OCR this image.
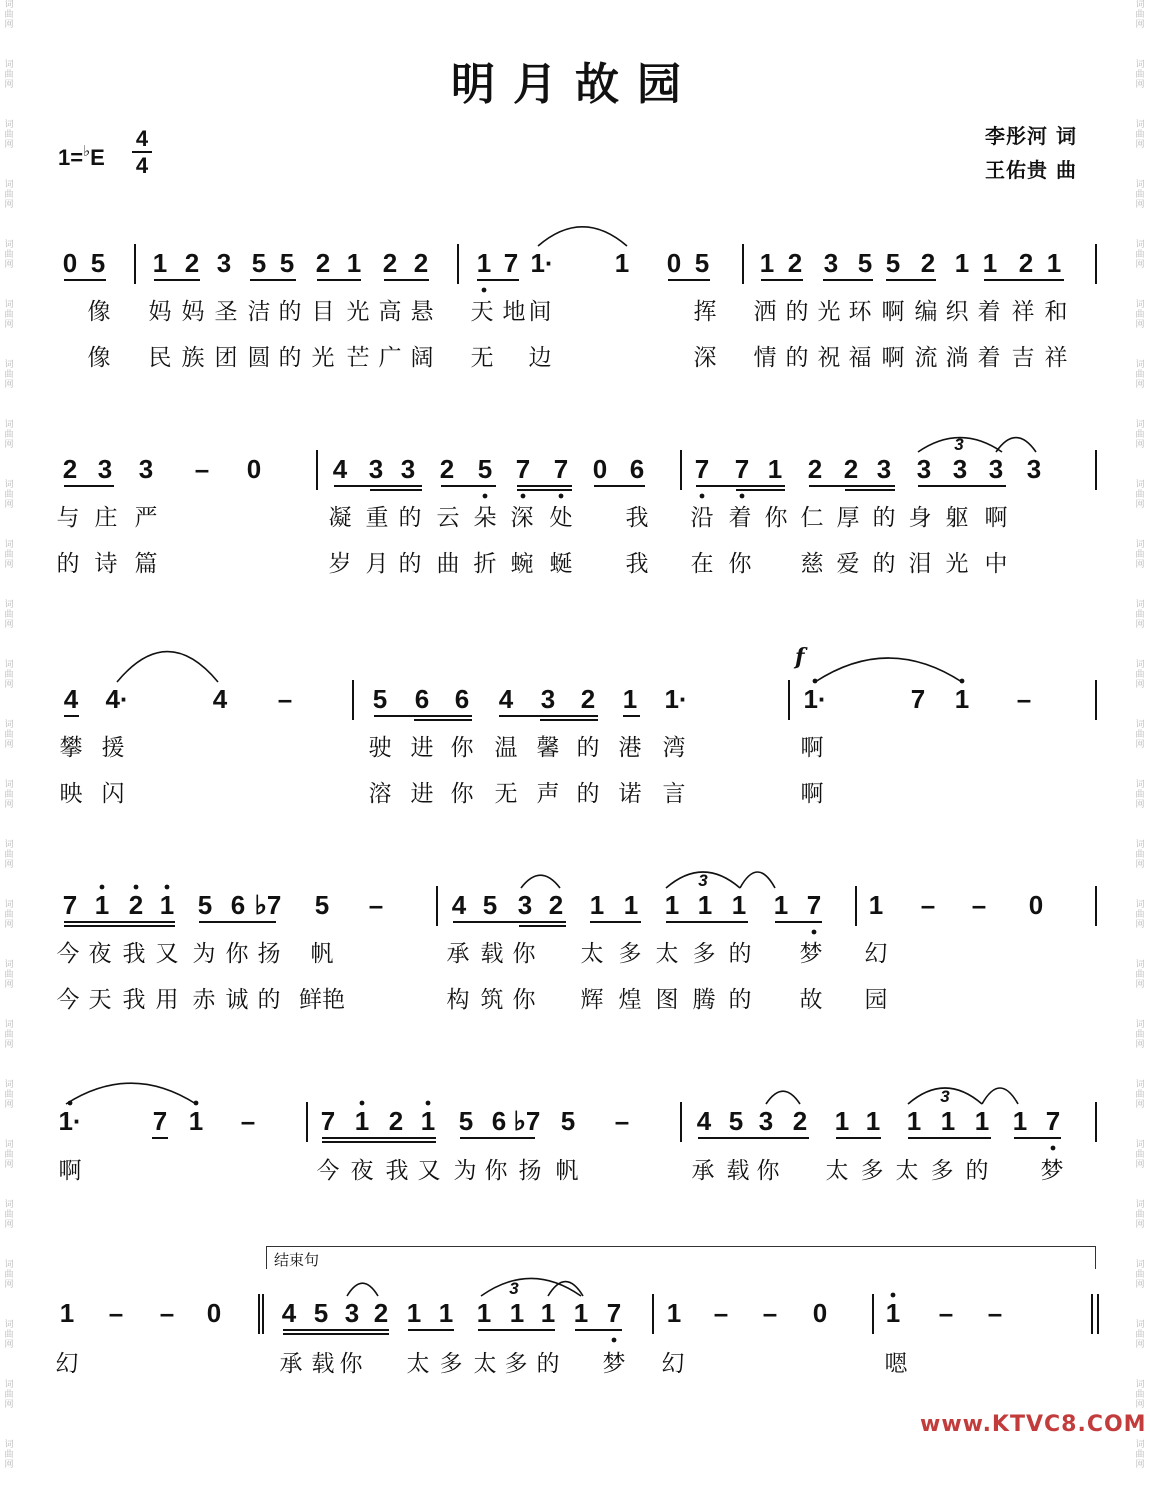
词
曲
网
词
曲
网
词
曲
网
词
曲
网
词
曲
网
词
曲
网
词
曲
网
词
曲
网
词
曲
网
词
曲
网
词
曲
网
词
曲
网
词
曲
网
词
曲
网
词
曲
网
词
曲
网
词
曲
网
词
曲
网
词
曲
网
词
曲
网
词
曲
网
词
曲
网
词
曲
网
词
曲
网
词
曲
网
词
曲
网
词
曲
网
词
曲
网
词
曲
网
词
曲
网
词
曲
网
词
曲
网
词
曲
网
词
曲
网
词
曲
网
词
曲
网
词
曲
网
词
曲
网
词
曲
网
词
曲
网
词
曲
网
词
曲
网
词
曲
网
词
曲
网
词
曲
网
词
曲
网
词
曲
网
词
曲
网
词
曲
网
词
曲
网
明月故园
1=♭E
4
4
李彤河 词
王佑贵 曲
f
结束句
www.KTVC8.COM
0 5 1 2 3 5 5 2 1 2 2 1 7 1· 1 0 5 1 2 3 5 5 2 1 1 2 1
像 妈 妈 圣 洁 的 目 光 高 悬 天 地 间	挥 洒 的 光 环 啊 编 织 着 祥 和
像 民 族 团 圆 的 光 芒 广 阔 无 边	深 情 的 祝 福 啊 流 淌 着 吉 祥
2 3 3 – 0	4 3 3 2 5 7 7 0 6 7 7 1 2 2 3 3 3 3 3
3
与 庄 严	凝 重 的 云 朵 深 处 我 沿 着 你 仁 厚 的 身 躯 啊
的 诗 篇	岁 月 的 曲 折 蜿 蜒 我 在 你 慈 爱 的 泪 光 中
4 4·	4 –	5 6 6 4 3 2 1 1·	1·	7 1 –
攀 援	驶 进 你 温 馨 的 港 湾	啊
映 闪	溶 进 你 无 声 的 诺 言	啊
7 1 2 1 5 6 ♭7 5 –	4 5 3 2 1 1 1 1 1 1 7 1 – – 0
3
今 夜 我 又 为 你 扬 帆	承 载 你 太 多 太 多 的 梦 幻
今 天 我 用 赤 诚 的 鲜艳	构 筑 你 辉 煌 图 腾 的 故 园
1·	7 1 –	7 1 2 1 5 6 ♭7 5 –	4 5 3 2 1 1 1 1 1 1 7
3
啊	今 夜 我 又 为 你 扬 帆	承 载 你 太 多 太 多 的 梦
1 – – 0 4 5 3 2 1 1 1 1 1 1 7 1 – – 0 1 – –
3
幻	承 载 你 太 多 太 多 的 梦 幻	嗯
